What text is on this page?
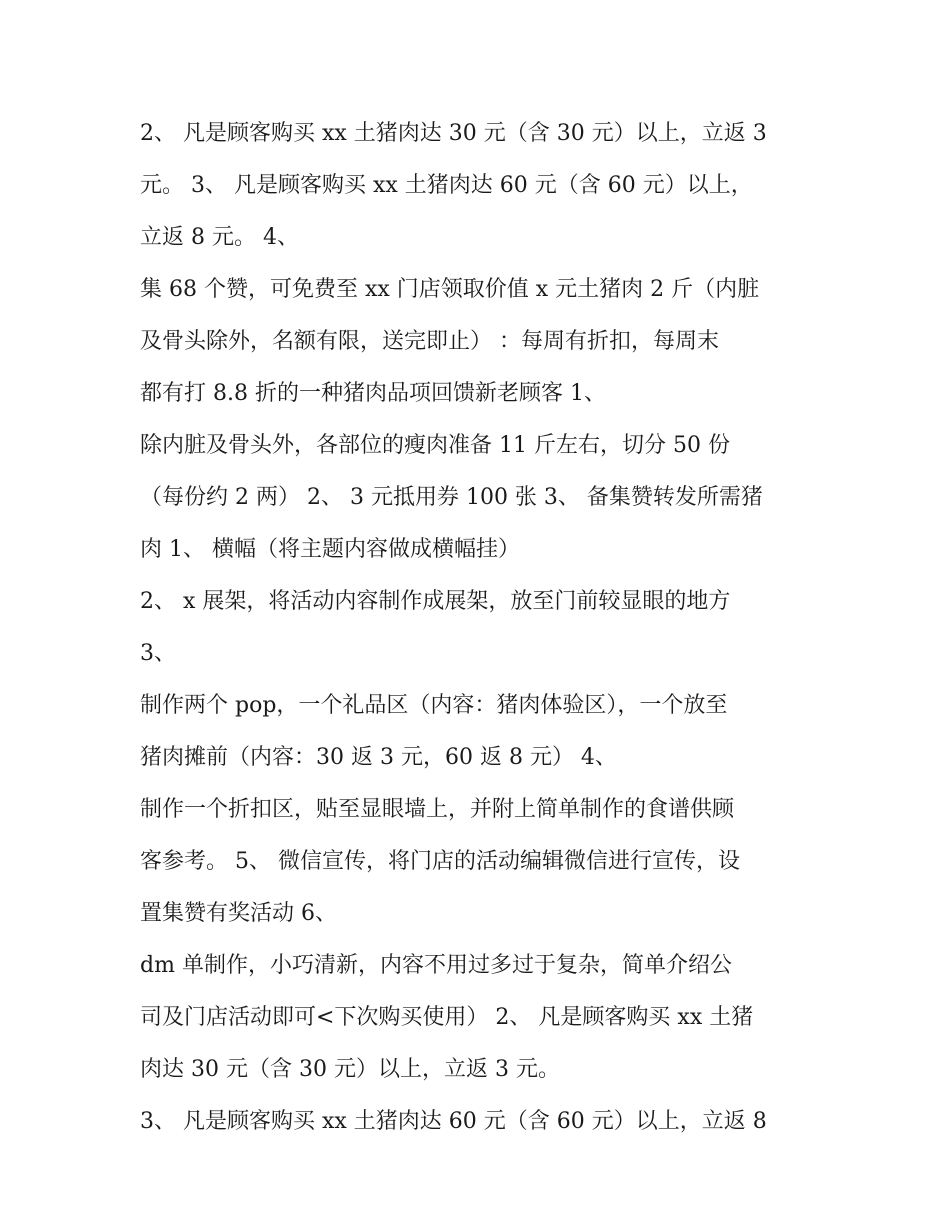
2、 凡是顾客购买 xx 土猪肉达 30 元（含 30 元）以上，立返 3
元。 3、 凡是顾客购买 xx 土猪肉达 60 元（含 60 元）以上，
立返 8 元。 4、
集 68 个赞，可免费至 xx 门店领取价值 x 元土猪肉 2 斤（内脏
及骨头除外，名额有限，送完即止） ：每周有折扣，每周末
都有打 8.8 折的一种猪肉品项回馈新老顾客 1、
除内脏及骨头外，各部位的瘦肉准备 11 斤左右，切分 50 份
（每份约 2 两） 2、 3 元抵用券 100 张 3、 备集赞转发所需猪
肉 1、 横幅（将主题内容做成横幅挂）
2、 x 展架，将活动内容制作成展架，放至门前较显眼的地方
3、
制作两个 pop，一个礼品区（内容：猪肉体验区），一个放至
猪肉摊前（内容：30 返 3 元，60 返 8 元） 4、
制作一个折扣区，贴至显眼墙上，并附上简单制作的食谱供顾
客参考。 5、 微信宣传，将门店的活动编辑微信进行宣传，设
置集赞有奖活动 6、
dm 单制作，小巧清新，内容不用过多过于复杂，简单介绍公
司及门店活动即可<下次购买使用） 2、 凡是顾客购买 xx 土猪
肉达 30 元（含 30 元）以上，立返 3 元。
3、 凡是顾客购买 xx 土猪肉达 60 元（含 60 元）以上，立返 8
